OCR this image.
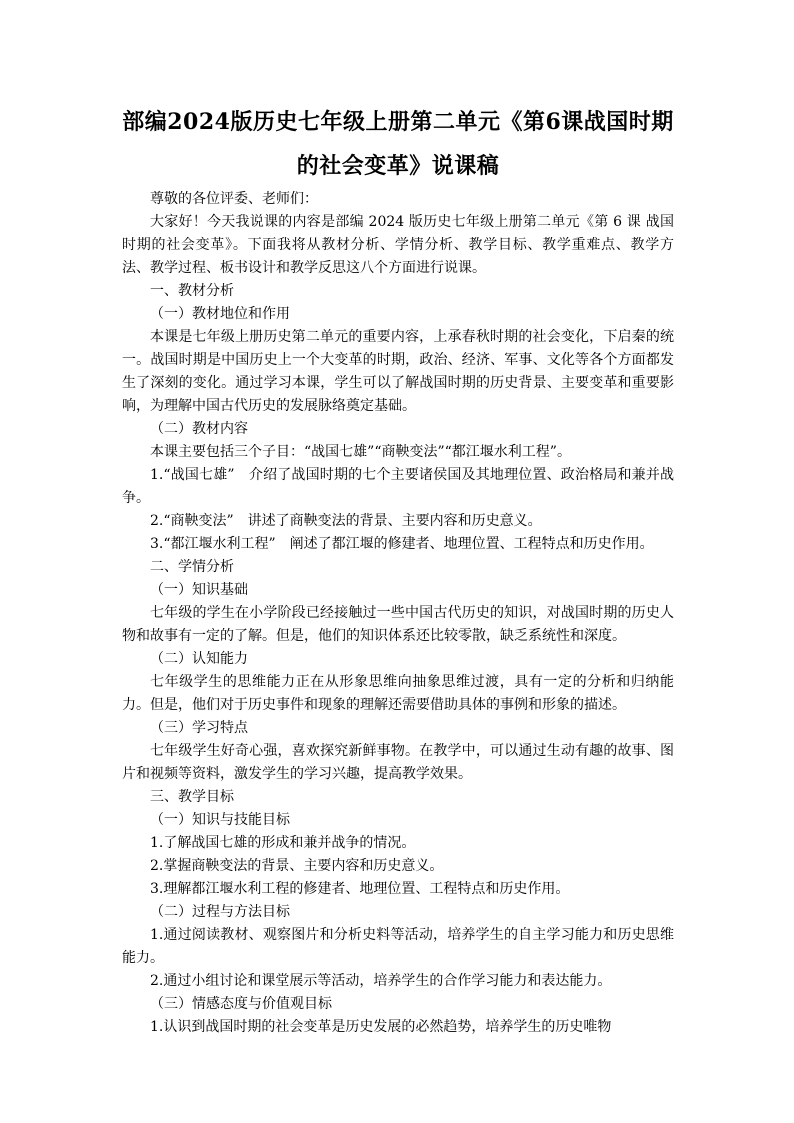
部编2024版历史七年级上册第二单元《第6课战国时期的社会变革》说课稿

尊敬的各位评委、老师们：

大家好！今天我说课的内容是部编 2024 版历史七年级上册第二单元《第 6 课 战国时期的社会变革》。下面我将从教材分析、学情分析、教学目标、教学重难点、教学方法、教学过程、板书设计和教学反思这八个方面进行说课。

一、教材分析

（一）教材地位和作用

本课是七年级上册历史第二单元的重要内容，上承春秋时期的社会变化，下启秦的统一。战国时期是中国历史上一个大变革的时期，政治、经济、军事、文化等各个方面都发生了深刻的变化。通过学习本课，学生可以了解战国时期的历史背景、主要变革和重要影响，为理解中国古代历史的发展脉络奠定基础。

（二）教材内容

本课主要包括三个子目：“战国七雄”“商鞅变法”“都江堰水利工程”。

1.“战国七雄”　介绍了战国时期的七个主要诸侯国及其地理位置、政治格局和兼并战争。

2.“商鞅变法”　讲述了商鞅变法的背景、主要内容和历史意义。

3.“都江堰水利工程”　阐述了都江堰的修建者、地理位置、工程特点和历史作用。

二、学情分析

（一）知识基础

七年级的学生在小学阶段已经接触过一些中国古代历史的知识，对战国时期的历史人物和故事有一定的了解。但是，他们的知识体系还比较零散，缺乏系统性和深度。

（二）认知能力

七年级学生的思维能力正在从形象思维向抽象思维过渡，具有一定的分析和归纳能力。但是，他们对于历史事件和现象的理解还需要借助具体的事例和形象的描述。

（三）学习特点

七年级学生好奇心强，喜欢探究新鲜事物。在教学中，可以通过生动有趣的故事、图片和视频等资料，激发学生的学习兴趣，提高教学效果。

三、教学目标

（一）知识与技能目标

1.了解战国七雄的形成和兼并战争的情况。

2.掌握商鞅变法的背景、主要内容和历史意义。

3.理解都江堰水利工程的修建者、地理位置、工程特点和历史作用。

（二）过程与方法目标

1.通过阅读教材、观察图片和分析史料等活动，培养学生的自主学习能力和历史思维能力。

2.通过小组讨论和课堂展示等活动，培养学生的合作学习能力和表达能力。

（三）情感态度与价值观目标

1.认识到战国时期的社会变革是历史发展的必然趋势，培养学生的历史唯物
